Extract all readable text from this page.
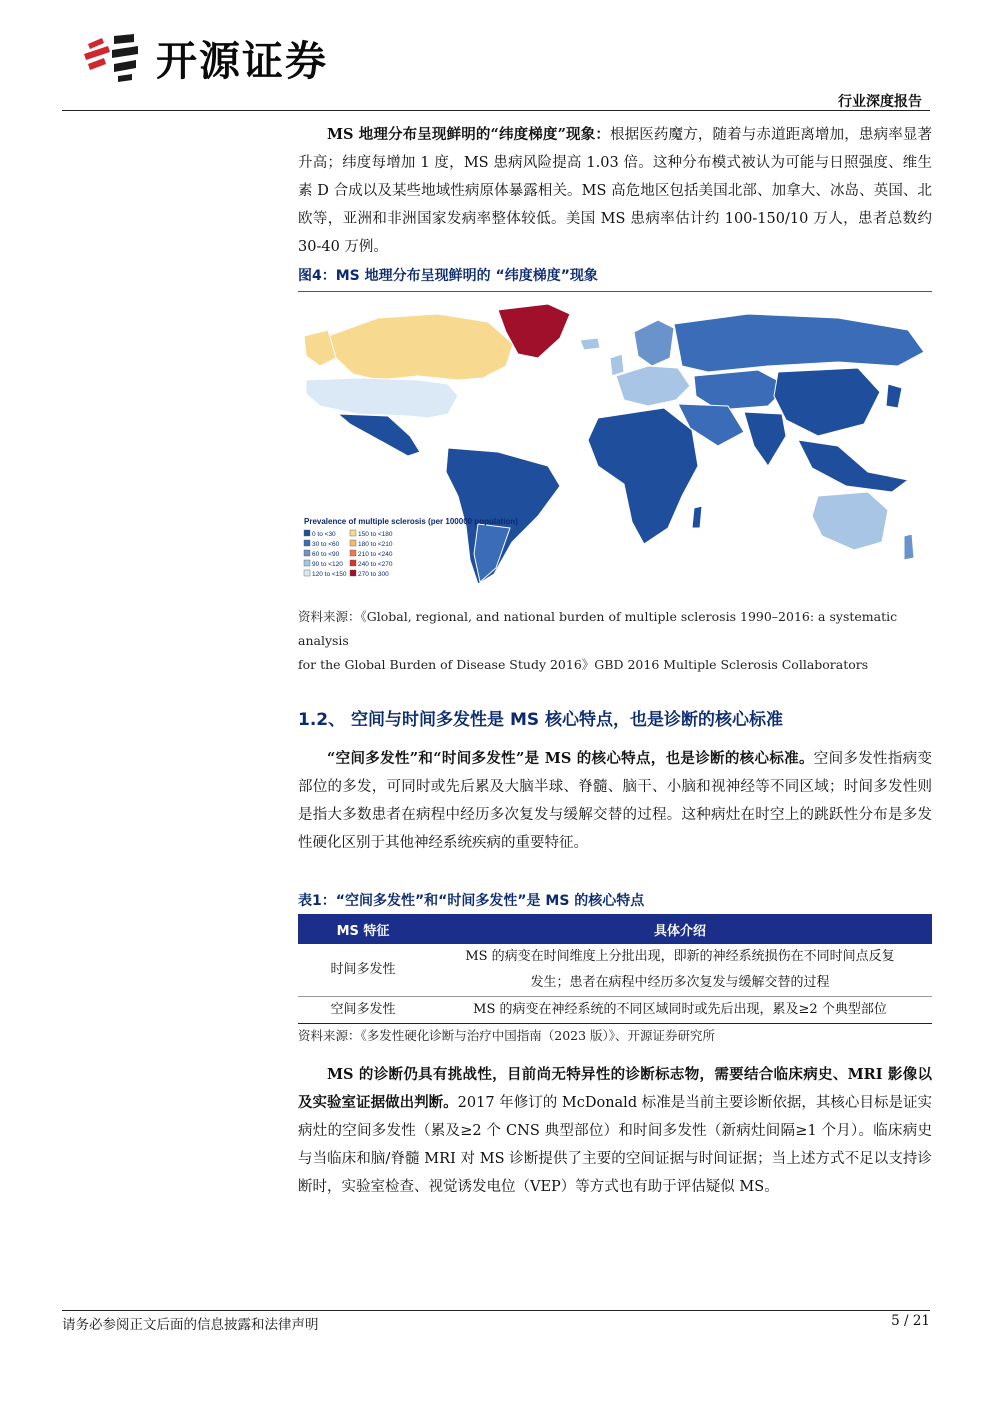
开源证券
行业深度报告

MS 地理分布呈现鲜明的“纬度梯度”现象：根据医药魔方，随着与赤道距离增加，患病率显著升高；纬度每增加 1 度，MS 患病风险提高 1.03 倍。这种分布模式被认为可能与日照强度、维生素 D 合成以及某些地域性病原体暴露相关。MS 高危地区包括美国北部、加拿大、冰岛、英国、北欧等，亚洲和非洲国家发病率整体较低。美国 MS 患病率估计约 100-150/10 万人，患者总数约 30-40 万例。

图4：MS 地理分布呈现鲜明的 “纬度梯度”现象
Prevalence of multiple sclerosis (per 100000 population)
0 to <30	150 to <180
30 to <60	180 to <210
60 to <90	210 to <240
90 to <120 240 to <270
120 to <150 270 to 300
资料来源：《Global, regional, and national burden of multiple sclerosis 1990–2016: a systematic analysis
for the Global Burden of Disease Study 2016》GBD 2016 Multiple Sclerosis Collaborators
1.2、 空间与时间多发性是 MS 核心特点，也是诊断的核心标准

“空间多发性”和“时间多发性”是 MS 的核心特点，也是诊断的核心标准。空间多发性指病变部位的多发，可同时或先后累及大脑半球、脊髓、脑干、小脑和视神经等不同区域；时间多发性则是指大多数患者在病程中经历多次复发与缓解交替的过程。这种病灶在时空上的跳跃性分布是多发性硬化区别于其他神经系统疾病的重要特征。

表1：“空间多发性”和“时间多发性”是 MS 的核心特点
MS 特征	具体介绍
时间多发性	MS 的病变在时间维度上分批出现，即新的神经系统损伤在不同时间点反复
发生；患者在病程中经历多次复发与缓解交替的过程

空间多发性	MS 的病变在神经系统的不同区域同时或先后出现，累及≥2 个典型部位
资料来源：《多发性硬化诊断与治疗中国指南（2023 版）》、开源证券研究所

MS 的诊断仍具有挑战性，目前尚无特异性的诊断标志物，需要结合临床病史、MRI 影像以及实验室证据做出判断。2017 年修订的 McDonald 标准是当前主要诊断依据，其核心目标是证实病灶的空间多发性（累及≥2 个 CNS 典型部位）和时间多发性（新病灶间隔≥1 个月）。临床病史与当临床和脑/脊髓 MRI 对 MS 诊断提供了主要的空间证据与时间证据；当上述方式不足以支持诊断时，实验室检查、视觉诱发电位（VEP）等方式也有助于评估疑似 MS。

请务必参阅正文后面的信息披露和法律声明	5 / 21
